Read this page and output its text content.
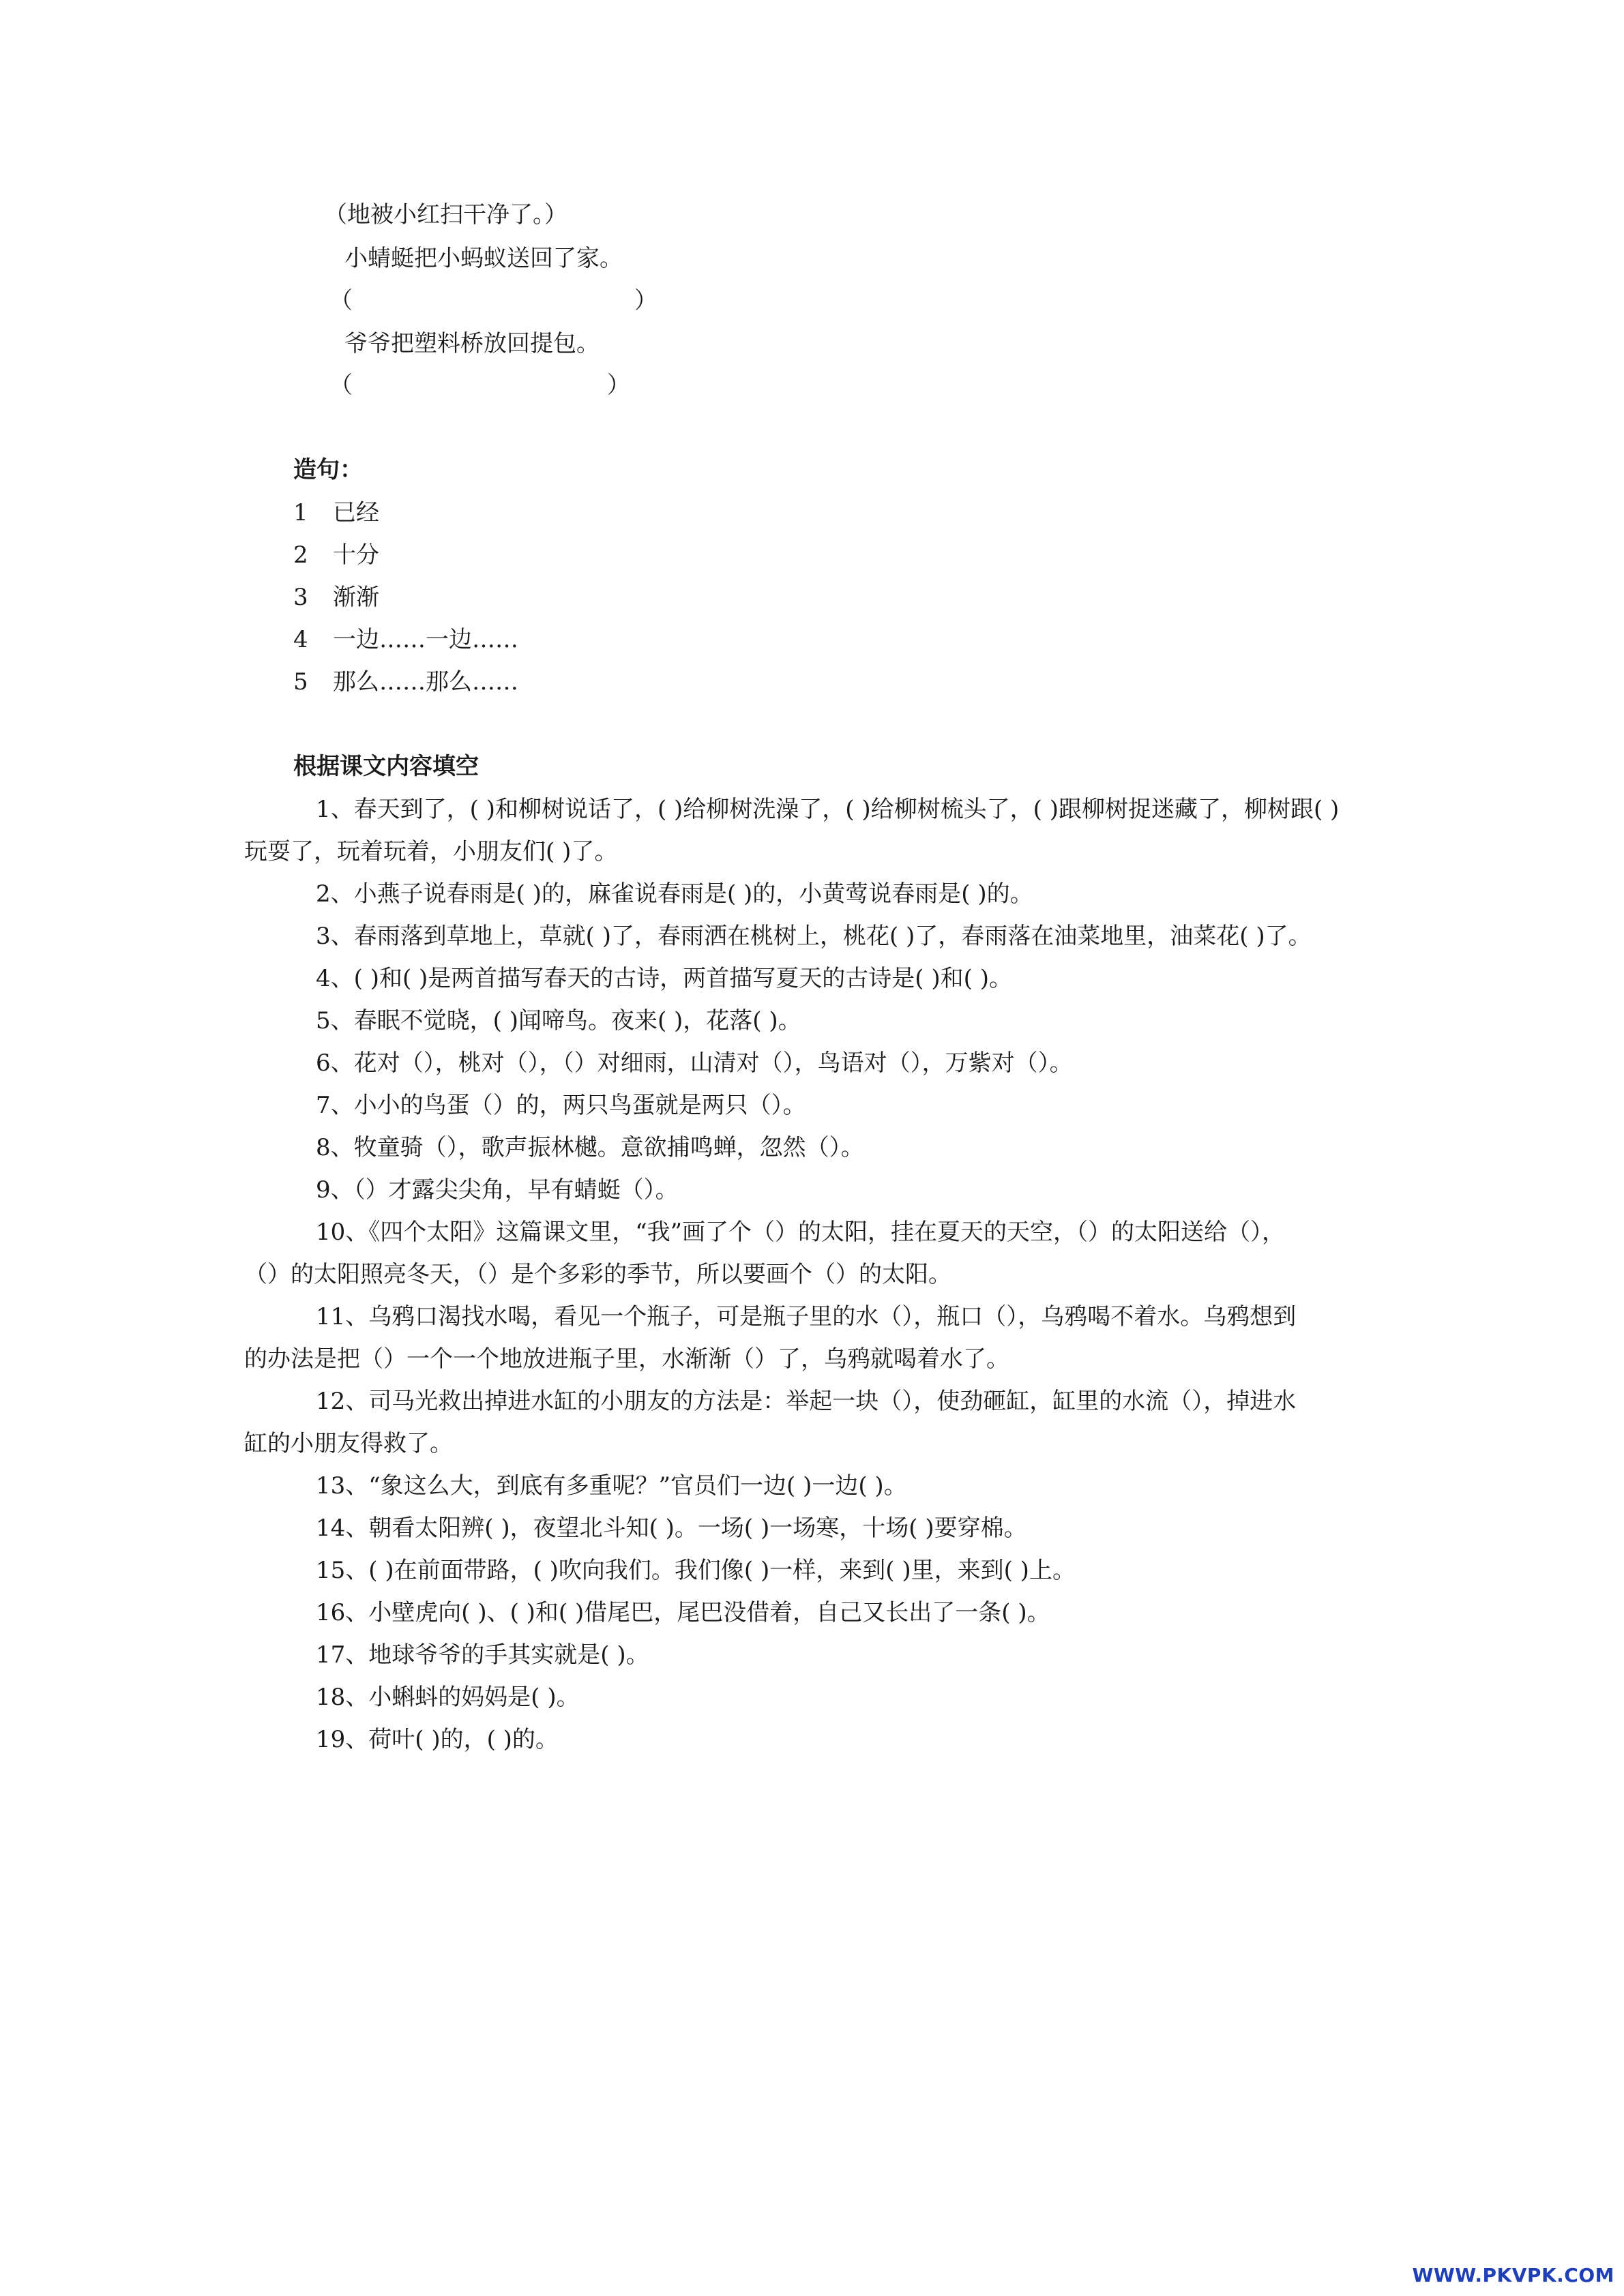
（地被小红扫干净了。）
小蜻蜓把小蚂蚁送回了家。
（	）
爷爷把塑料桥放回提包。
（	）
造句：
1 已经
2 十分
3 渐渐
4 一边……一边……
5 那么……那么……
根据课文内容填空
1、春天到了，( )和柳树说话了，( )给柳树洗澡了，( )给柳树梳头了，( )跟柳树捉迷藏了，柳树跟( )
玩耍了，玩着玩着，小朋友们( )了。
2、小燕子说春雨是( )的，麻雀说春雨是( )的，小黄莺说春雨是( )的。
3、春雨落到草地上，草就( )了，春雨洒在桃树上，桃花( )了，春雨落在油菜地里，油菜花( )了。
4、( )和( )是两首描写春天的古诗，两首描写夏天的古诗是( )和( )。
5、春眠不觉晓，( )闻啼鸟。夜来( )，花落( )。
6、花对（），桃对（），（）对细雨，山清对（），鸟语对（），万紫对（）。
7、小小的鸟蛋（）的，两只鸟蛋就是两只（）。
8、牧童骑（），歌声振林樾。意欲捕鸣蝉，忽然（）。
9、（）才露尖尖角，早有蜻蜓（）。
10、《四个太阳》这篇课文里，“我”画了个（）的太阳，挂在夏天的天空，（）的太阳送给（），
（）的太阳照亮冬天，（）是个多彩的季节，所以要画个（）的太阳。
11、乌鸦口渴找水喝，看见一个瓶子，可是瓶子里的水（），瓶口（），乌鸦喝不着水。乌鸦想到
的办法是把（）一个一个地放进瓶子里，水渐渐（）了，乌鸦就喝着水了。
12、司马光救出掉进水缸的小朋友的方法是：举起一块（），使劲砸缸，缸里的水流（），掉进水
缸的小朋友得救了。
13、“象这么大，到底有多重呢？”官员们一边( )一边( )。
14、朝看太阳辨( )，夜望北斗知( )。一场( )一场寒，十场( )要穿棉。
15、( )在前面带路，( )吹向我们。我们像( )一样，来到( )里，来到( )上。
16、小壁虎向( )、( )和( )借尾巴，尾巴没借着，自己又长出了一条( )。
17、地球爷爷的手其实就是( )。
18、小蝌蚪的妈妈是( )。
19、荷叶( )的，( )的。
WWW.PKVPK.COM
